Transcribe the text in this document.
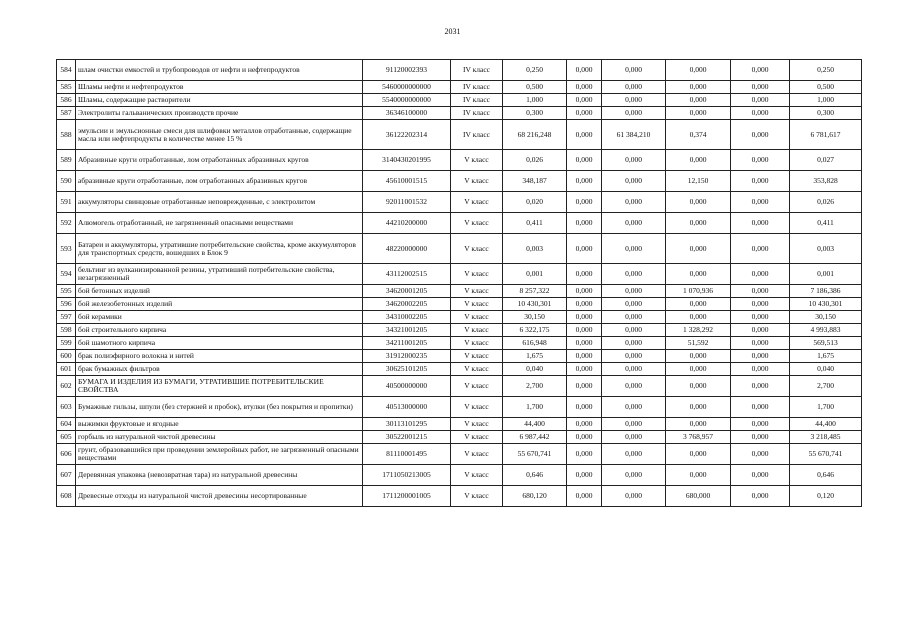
2031
584	шлам очистки емкостей и трубопроводов от нефти и нефтепродуктов	91120002393	IV класс	0,250	0,000	0,000	0,000	0,000	0,250
585	Шламы нефти и нефтепродуктов	5460000000000	IV класс	0,500	0,000	0,000	0,000	0,000	0,500
586	Шламы, содержащие растворители	5540000000000	IV класс	1,000	0,000	0,000	0,000	0,000	1,000
587	Электролиты гальванических производств прочие	36346100000	IV класс	0,300	0,000	0,000	0,000	0,000	0,300
588	эмульсии и эмульсионные смеси для шлифовки металлов отработанные, содержащие масла или нефтепродукты в количестве менее 15 %	36122202314	IV класс	68 216,248	0,000	61 384,210	0,374	0,000	6 781,617
589	Абразивные круги отработанные, лом отработанных абразивных кругов	3140430201995	V класс	0,026	0,000	0,000	0,000	0,000	0,027
590	абразивные круги отработанные, лом отработанных абразивных кругов	45610001515	V класс	348,187	0,000	0,000	12,150	0,000	353,828
591	аккумуляторы свинцовые отработанные неповрежденные, с электролитом	92011001532	V класс	0,020	0,000	0,000	0,000	0,000	0,026
592	Алюмогель отработанный, не загрязненный опасными веществами	44210200000	V класс	0,411	0,000	0,000	0,000	0,000	0,411
593	Батареи и аккумуляторы, утратившие потребительские свойства, кроме аккумуляторов для транспортных средств, вошедших в Блок 9	48220000000	V класс	0,003	0,000	0,000	0,000	0,000	0,003
594	бельтинг из вулканизированной резины, утративший потребительские свойства, незагрязненный	43112002515	V класс	0,001	0,000	0,000	0,000	0,000	0,001
595	бой бетонных изделий	34620001205	V класс	8 257,322	0,000	0,000	1 070,936	0,000	7 186,386
596	бой железобетонных изделий	34620002205	V класс	10 430,301	0,000	0,000	0,000	0,000	10 430,301
597	бой керамики	34310002205	V класс	30,150	0,000	0,000	0,000	0,000	30,150
598	бой строительного кирпича	34321001205	V класс	6 322,175	0,000	0,000	1 328,292	0,000	4 993,883
599	бой шамотного кирпича	34211001205	V класс	616,948	0,000	0,000	51,592	0,000	569,513
600	брак полиэфирного волокна и нитей	31912000235	V класс	1,675	0,000	0,000	0,000	0,000	1,675
601	брак бумажных фильтров	30625101205	V класс	0,040	0,000	0,000	0,000	0,000	0,040
602	БУМАГА И ИЗДЕЛИЯ ИЗ БУМАГИ, УТРАТИВШИЕ ПОТРЕБИТЕЛЬСКИЕ СВОЙСТВА	40500000000	V класс	2,700	0,000	0,000	0,000	0,000	2,700
603	Бумажные гильзы, шпули (без стержней и пробок), втулки (без покрытия и пропитки)	40513000000	V класс	1,700	0,000	0,000	0,000	0,000	1,700
604	выжимки фруктовые и ягодные	30113101295	V класс	44,400	0,000	0,000	0,000	0,000	44,400
605	горбыль из натуральной чистой древесины	30522001215	V класс	6 987,442	0,000	0,000	3 768,957	0,000	3 218,485
606	грунт, образовавшийся при проведении землеройных работ, не загрязненный опасными веществами	81110001495	V класс	55 670,741	0,000	0,000	0,000	0,000	55 670,741
607	Деревянная упаковка (невозвратная тара) из натуральной древесины	1711050213005	V класс	0,646	0,000	0,000	0,000	0,000	0,646
608	Древесные отходы из натуральной чистой древесины несортированные	1711200001005	V класс	680,120	0,000	0,000	680,000	0,000	0,120
